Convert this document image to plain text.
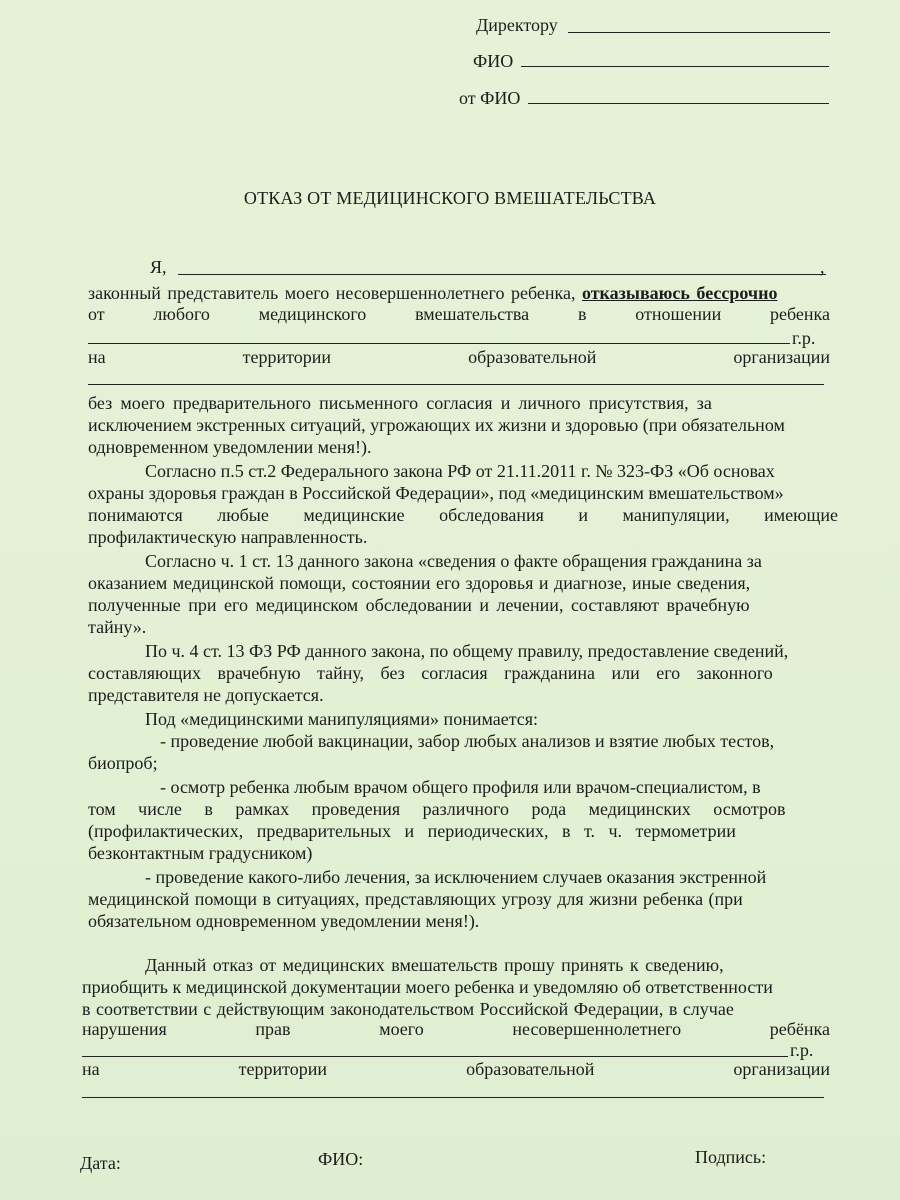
Директору
ФИО
от ФИО
ОТКАЗ ОТ МЕДИЦИНСКОГО ВМЕШАТЕЛЬСТВА
Я,	,
законный представитель моего несовершеннолетнего ребенка, отказываюсь бессрочно
от	любого	медицинского	вмешательства	в	отношении	ребенка
г.р.
на	территории	образовательной	организации
без моего предварительного письменного согласия и личного присутствия, за
исключением экстренных ситуаций, угрожающих их жизни и здоровью (при обязательном
одновременном уведомлении меня!).
Согласно п.5 ст.2 Федерального закона РФ от 21.11.2011 г. № 323-ФЗ «Об основах
охраны здоровья граждан в Российской Федерации», под «медицинским вмешательством»
понимаются любые медицинские обследования и манипуляции, имеющие
профилактическую направленность.
Согласно ч. 1 ст. 13 данного закона «сведения о факте обращения гражданина за
оказанием медицинской помощи, состоянии его здоровья и диагнозе, иные сведения,
полученные при его медицинском обследовании и лечении, составляют врачебную
тайну».
По ч. 4 ст. 13 ФЗ РФ данного закона, по общему правилу, предоставление сведений,
составляющих врачебную тайну, без согласия гражданина или его законного
представителя не допускается.
Под «медицинскими манипуляциями» понимается:
- проведение любой вакцинации, забор любых анализов и взятие любых тестов,
биопроб;
- осмотр ребенка любым врачом общего профиля или врачом-специалистом, в
том числе в рамках проведения различного рода медицинских осмотров
(профилактических, предварительных и периодических, в т. ч. термометрии
безконтактным градусником)
- проведение какого-либо лечения, за исключением случаев оказания экстренной
медицинской помощи в ситуациях, представляющих угрозу для жизни ребенка (при
обязательном одновременном уведомлении меня!).
Данный отказ от медицинских вмешательств прошу принять к сведению,
приобщить к медицинской документации моего ребенка и уведомляю об ответственности
в соответствии с действующим законодательством Российской Федерации, в случае
нарушения	прав	моего	несовершеннолетнего	ребёнка
г.р.
на	территории	образовательной	организации
Дата:	ФИО:	Подпись:
